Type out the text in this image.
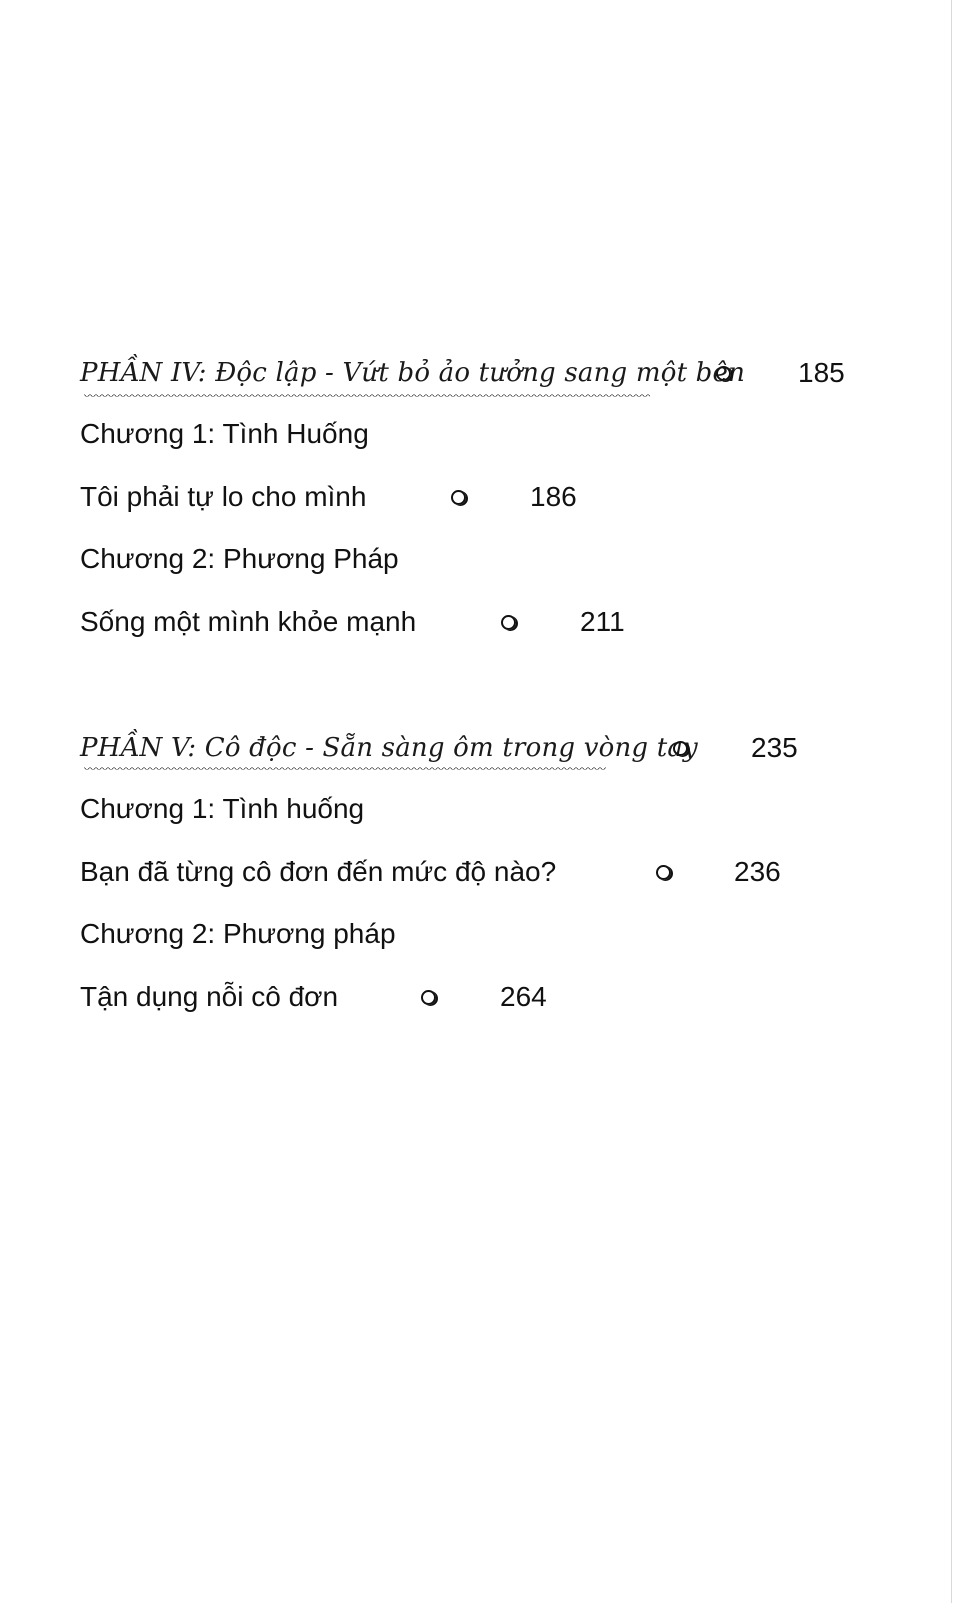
PHẦN IV: Độc lập - Vứt bỏ ảo tưởng sang một bên 185
Chương 1: Tình Huống
Tôi phải tự lo cho mình	186
Chương 2: Phương Pháp
Sống một mình khỏe mạnh	211
PHẦN V: Cô độc - Sẵn sàng ôm trong vòng tay 235
Chương 1: Tình huống
Bạn đã từng cô đơn đến mức độ nào?	236
Chương 2: Phương pháp
Tận dụng nỗi cô đơn	264
